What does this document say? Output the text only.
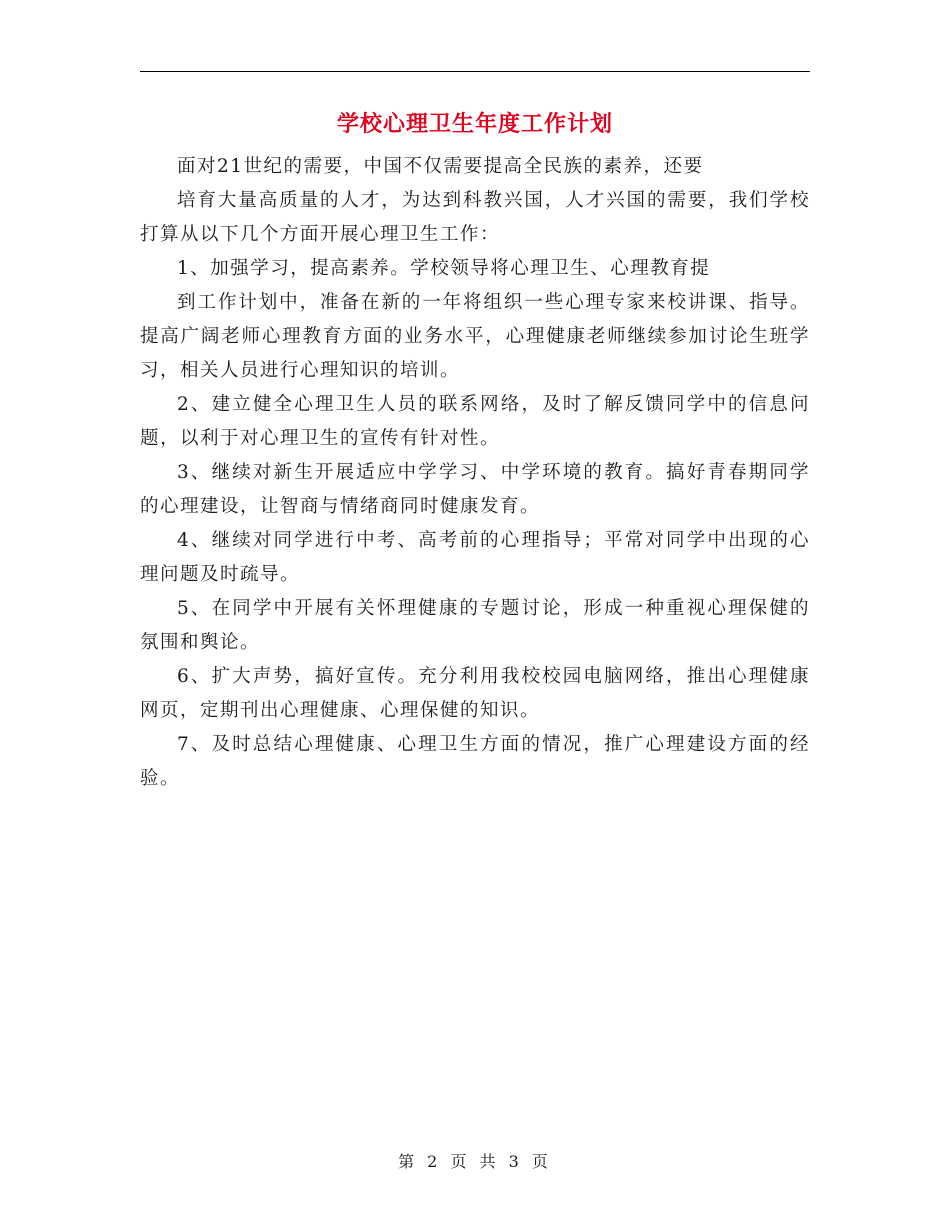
学校心理卫生年度工作计划

面对21世纪的需要，中国不仅需要提高全民族的素养，还要

培育大量高质量的人才，为达到科教兴国，人才兴国的需要，我们学校打算从以下几个方面开展心理卫生工作：

1、加强学习，提高素养。学校领导将心理卫生、心理教育提

到工作计划中，准备在新的一年将组织一些心理专家来校讲课、指导。提高广阔老师心理教育方面的业务水平，心理健康老师继续参加讨论生班学习，相关人员进行心理知识的培训。

2、建立健全心理卫生人员的联系网络，及时了解反馈同学中的信息问题，以利于对心理卫生的宣传有针对性。

3、继续对新生开展适应中学学习、中学环境的教育。搞好青春期同学的心理建设，让智商与情绪商同时健康发育。

4、继续对同学进行中考、高考前的心理指导；平常对同学中出现的心理问题及时疏导。

5、在同学中开展有关怀理健康的专题讨论，形成一种重视心理保健的氛围和舆论。

6、扩大声势，搞好宣传。充分利用我校校园电脑网络，推出心理健康网页，定期刊出心理健康、心理保健的知识。

7、及时总结心理健康、心理卫生方面的情况，推广心理建设方面的经验。

第 2 页 共 3 页
